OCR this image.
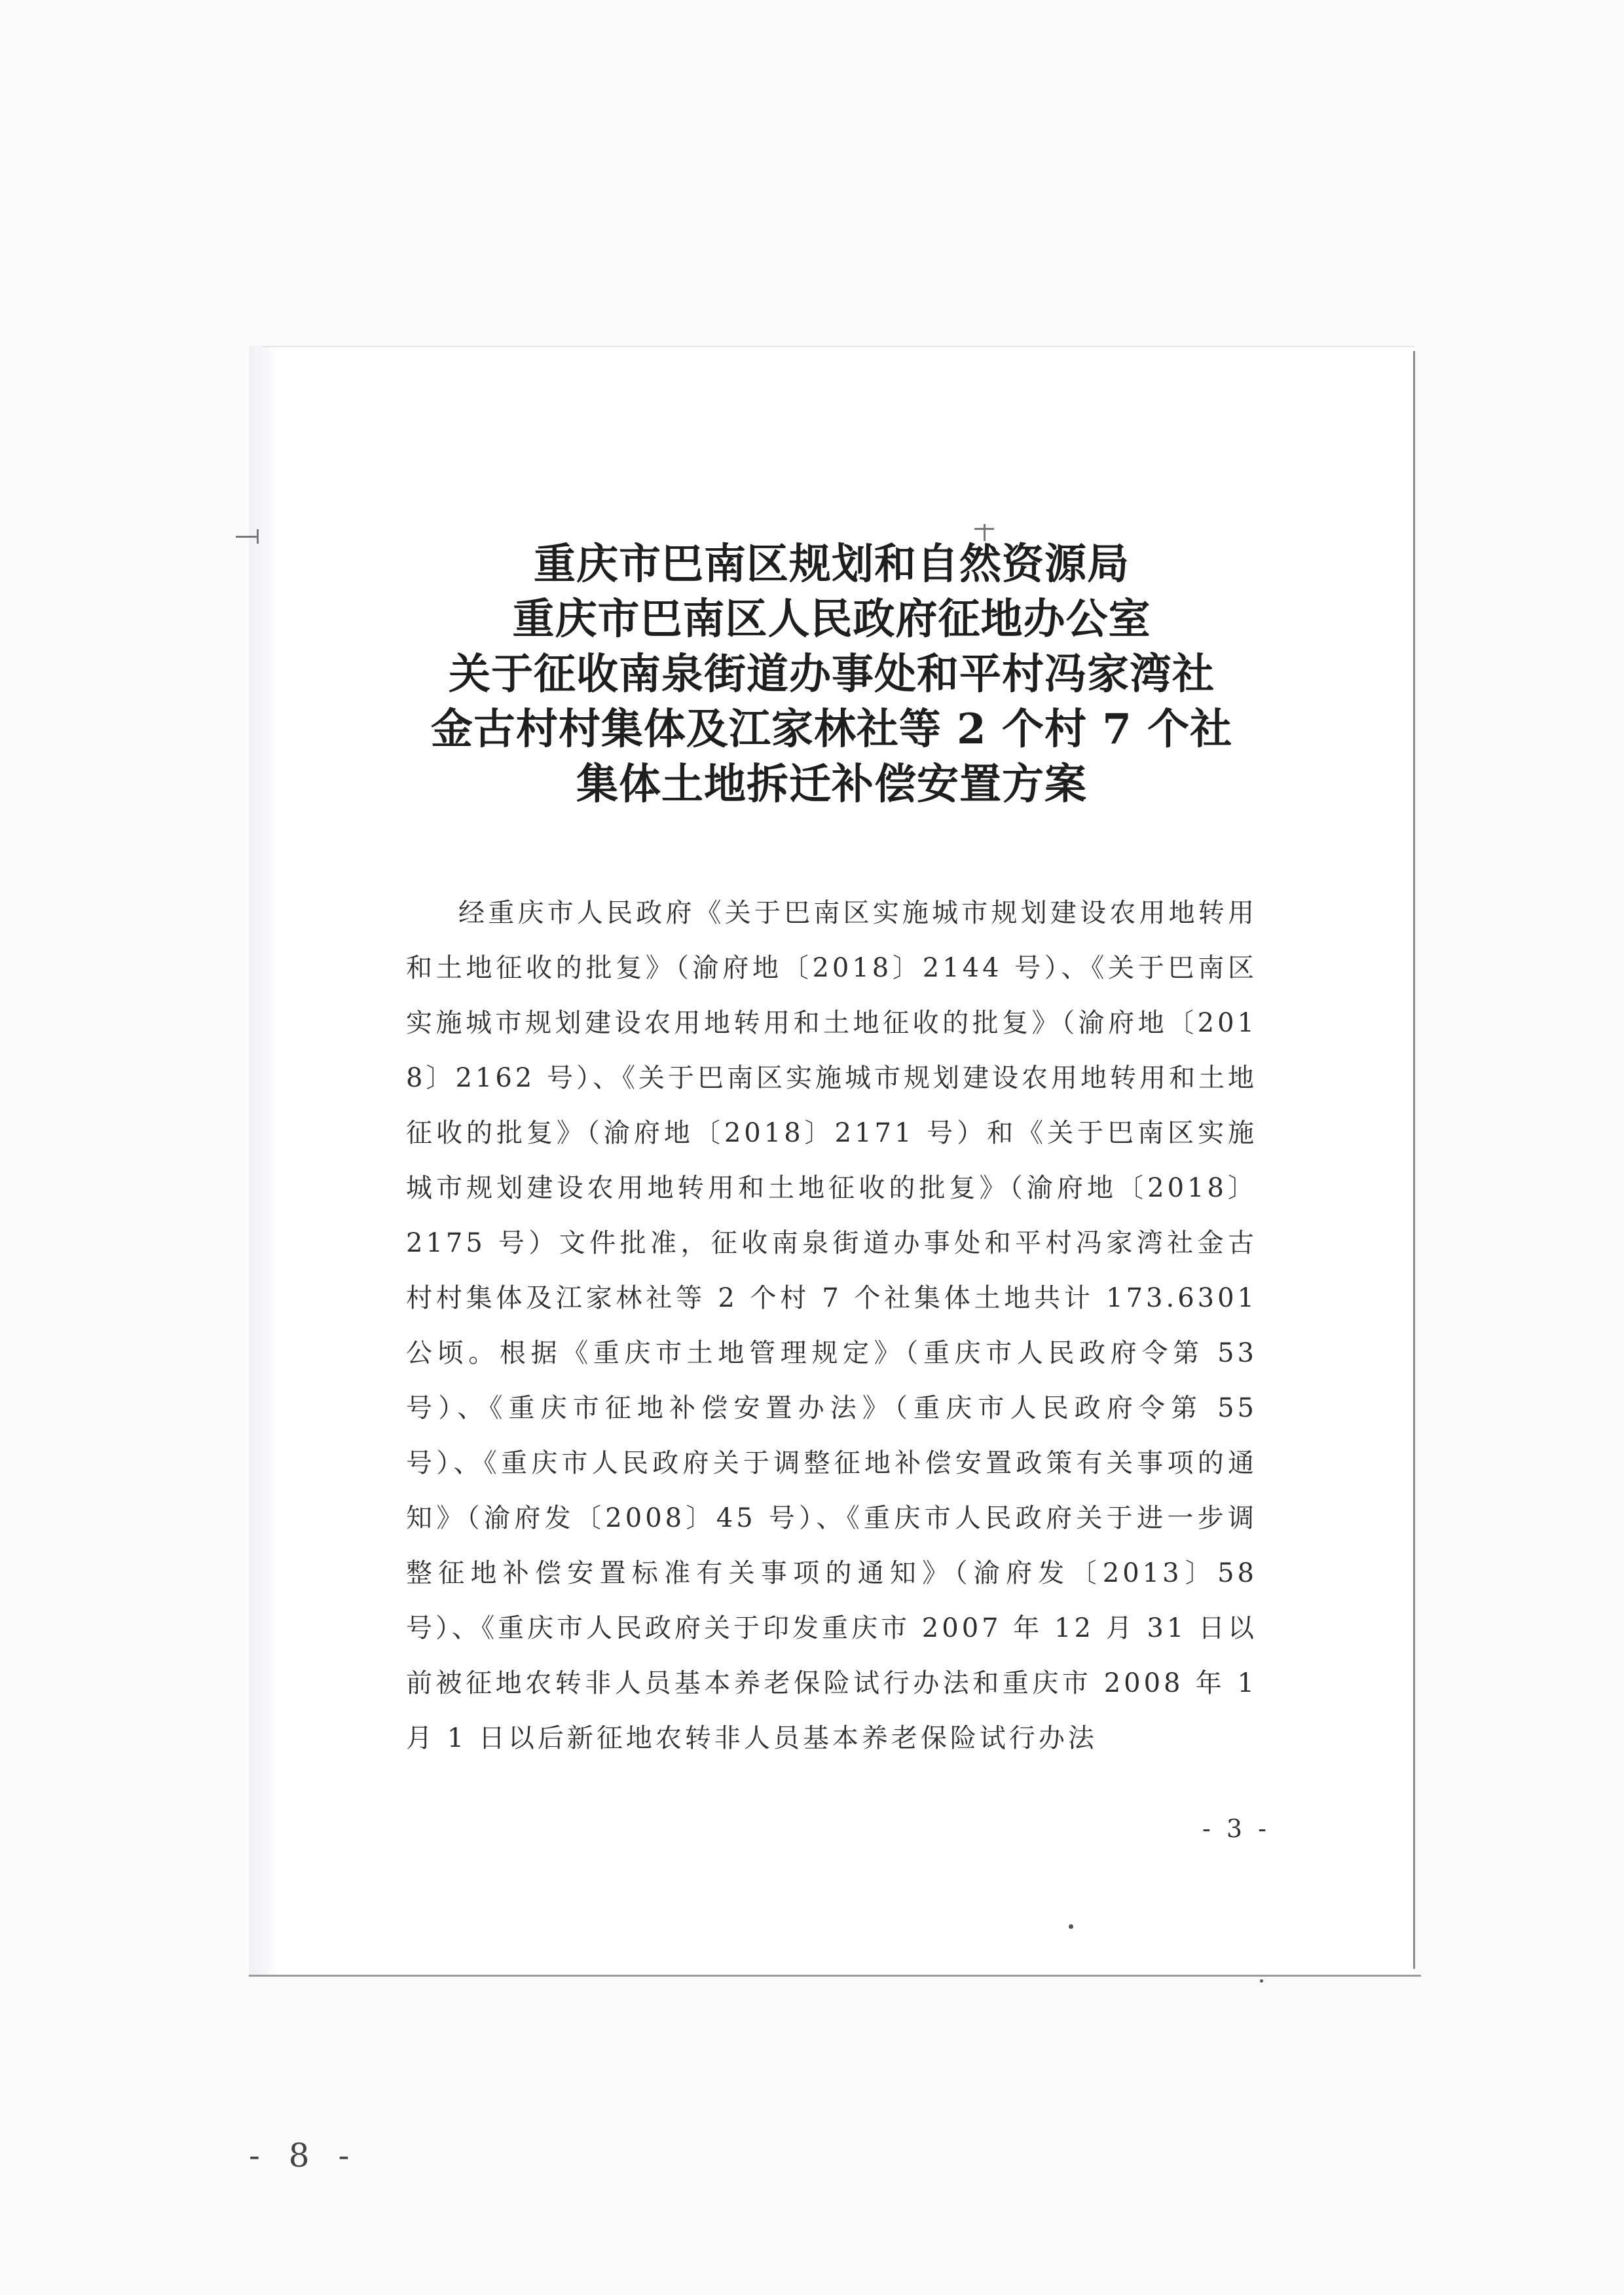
重庆市巴南区规划和自然资源局
重庆市巴南区人民政府征地办公室
关于征收南泉街道办事处和平村冯家湾社
金古村村集体及江家林社等 2 个村 7 个社
集体土地拆迁补偿安置方案
经重庆市人民政府《关于巴南区实施城市规划建设农用地转用和土地征收的批复》（渝府地〔2018〕2144 号）、《关于巴南区实施城市规划建设农用地转用和土地征收的批复》（渝府地〔2018〕2162 号）、《关于巴南区实施城市规划建设农用地转用和土地征收的批复》（渝府地〔2018〕2171 号）和《关于巴南区实施城市规划建设农用地转用和土地征收的批复》（渝府地〔2018〕2175 号）文件批准，征收南泉街道办事处和平村冯家湾社金古村村集体及江家林社等 2 个村 7 个社集体土地共计 173.6301 公顷。根据《重庆市土地管理规定》（重庆市人民政府令第 53 号）、《重庆市征地补偿安置办法》（重庆市人民政府令第 55 号）、《重庆市人民政府关于调整征地补偿安置政策有关事项的通知》（渝府发〔2008〕45 号）、《重庆市人民政府关于进一步调整征地补偿安置标准有关事项的通知》（渝府发〔2013〕58 号）、《重庆市人民政府关于印发重庆市 2007 年 12 月 31 日以前被征地农转非人员基本养老保险试行办法和重庆市 2008 年 1 月 1 日以后新征地农转非人员基本养老保险试行办法
- 3 -
- 8 -
